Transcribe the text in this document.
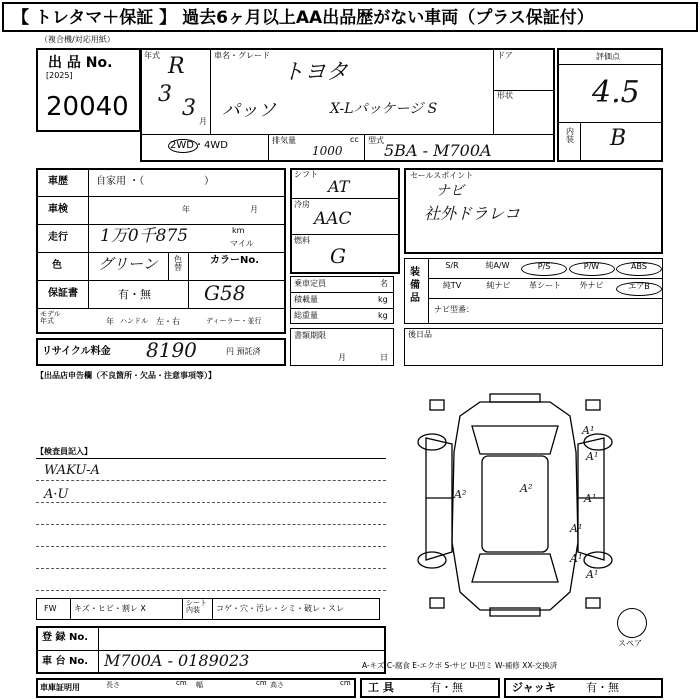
【 トレタマ＋保証 】 過去6ヶ月以上AA出品歴がない車両（プラス保証付）
（複合機/対応用紙）
出 品 No.
[2025]
20040
年式 R
3
3
月
車名・グレード
トヨタ
パッソ	X-Lパッケージ S
ドア
形状
2WD・4WD	排気量
1000
cc 型式
5BA - M700A
評価点
4.5
内
装 B
車歴	自家用 ・（　　　　　　）
車検	年	月
走行 1万0千875	km
マイル
色 グリーン 色
替
カラーNo.
保証書	有・無	G58
モデル
年式	年 ハンドル 左・右	ディーラー・並行
リサイクル料金 8190	円 預託済
シフト
AT
冷房
AAC
燃料
G
乗車定員	名
積載量	kg
総重量	kg
書類期限
月	日
セールスポイント
ナビ
社外ドラレコ
装備品
S/R	純A/W	P/S	P/W	ABS
純TV	純ナビ	革シート	外ナビ	エアB
ナビ型番：
後日品
【出品店申告欄（不良箇所・欠品・注意事項等）】
【検査員記入】
WAKU-A
A·U
A¹
A¹
A²	A²
A¹
A¹
A¹
A¹
スペア
FW キズ・ヒビ・割レ X
シート
内装	コゲ・穴・汚レ・シミ・破レ・スレ
登 録 No.
車 台 No. M700A - 0189023	A-キズ C-腐食 E-エクボ S-サビ U-凹ミ W-補修 XX-交換済
車庫証明用	長さ	cm 幅	cm 高さ	cm 工 具	有・無	ジャッキ	有・無
